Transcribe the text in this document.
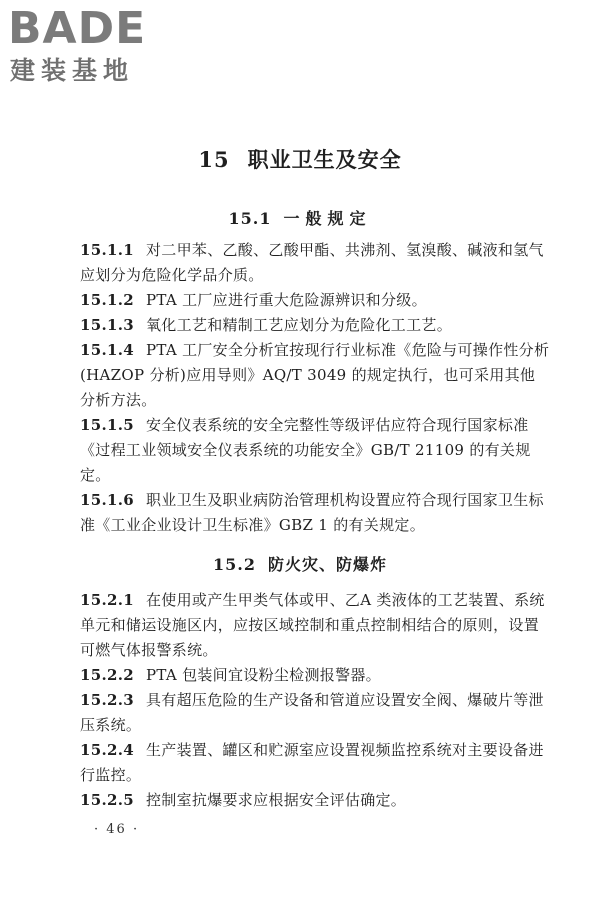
BADE
建装基地
15 职业卫生及安全
15.1 一般规定

15.1.1 对二甲苯、乙酸、乙酸甲酯、共沸剂、氢溴酸、碱液和氢气应划分为危险化学品介质。

15.1.2 PTA 工厂应进行重大危险源辨识和分级。

15.1.3 氧化工艺和精制工艺应划分为危险化工工艺。

15.1.4 PTA 工厂安全分析宜按现行行业标准《危险与可操作性分析(HAZOP 分析)应用导则》AQ/T 3049 的规定执行，也可采用其他分析方法。

15.1.5 安全仪表系统的安全完整性等级评估应符合现行国家标准《过程工业领域安全仪表系统的功能安全》GB/T 21109 的有关规定。

15.1.6 职业卫生及职业病防治管理机构设置应符合现行国家卫生标准《工业企业设计卫生标准》GBZ 1 的有关规定。

15.2 防火灾、防爆炸

15.2.1 在使用或产生甲类气体或甲、乙A 类液体的工艺装置、系统单元和储运设施区内，应按区域控制和重点控制相结合的原则，设置可燃气体报警系统。

15.2.2 PTA 包装间宜设粉尘检测报警器。

15.2.3 具有超压危险的生产设备和管道应设置安全阀、爆破片等泄压系统。

15.2.4 生产装置、罐区和贮源室应设置视频监控系统对主要设备进行监控。

15.2.5 控制室抗爆要求应根据安全评估确定。

· 46 ·
